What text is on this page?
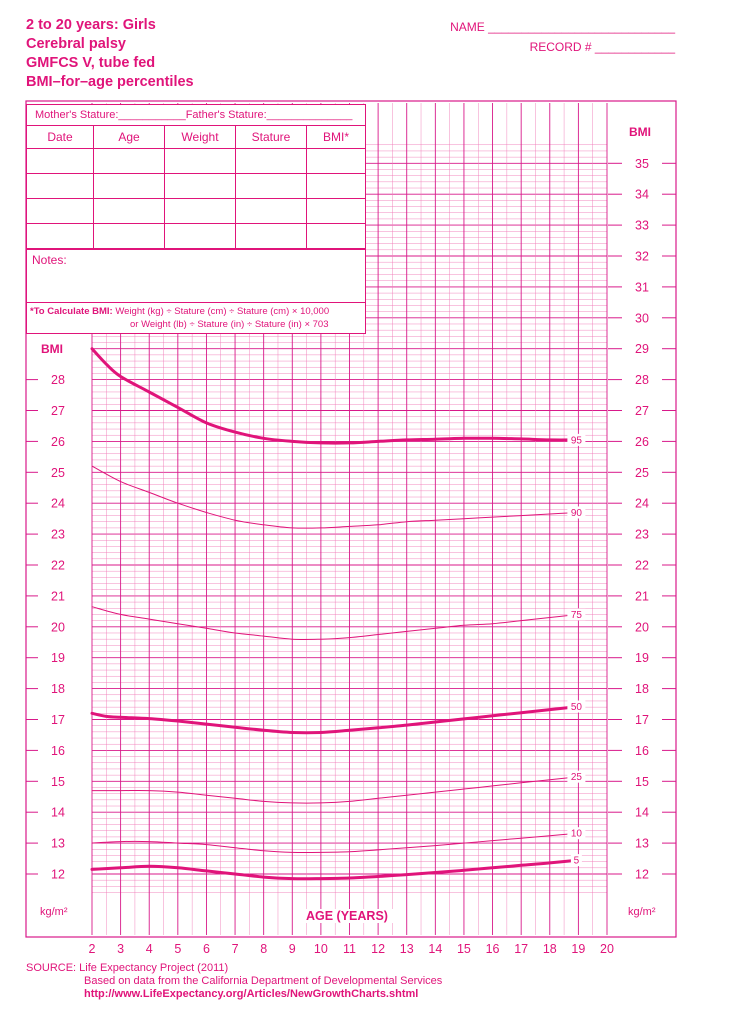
12
13
14
15
16
17
18
19
20
21
22
23
24
25
26
27
28
12
13
14
15
16
17
18
19
20
21
22
23
24
25
26
27
28
29
30
31
32
33
34
35
2 3 4 5 6 7 8 9 10 11 12 13 14 15 16 17 18 19 20
95
90
75
50
25
10
5
2 to 20 years: Girls
Cerebral palsy
GMFCS V, tube fed
BMI–for–age percentiles
NAME ____________________________
RECORD # ____________
Mother's Stature:___________Father's Stature:______________
Date	Age	Weight	Stature	BMI*

Notes:
*To Calculate BMI: Weight (kg) ÷ Stature (cm) ÷ Stature (cm) × 10,000
or Weight (lb) ÷ Stature (in) ÷ Stature (in) × 703
BMI
BMI
kg/m²	kg/m²
AGE (YEARS)
SOURCE: Life Expectancy Project (2011)
Based on data from the California Department of Developmental Services
http://www.LifeExpectancy.org/Articles/NewGrowthCharts.shtml
